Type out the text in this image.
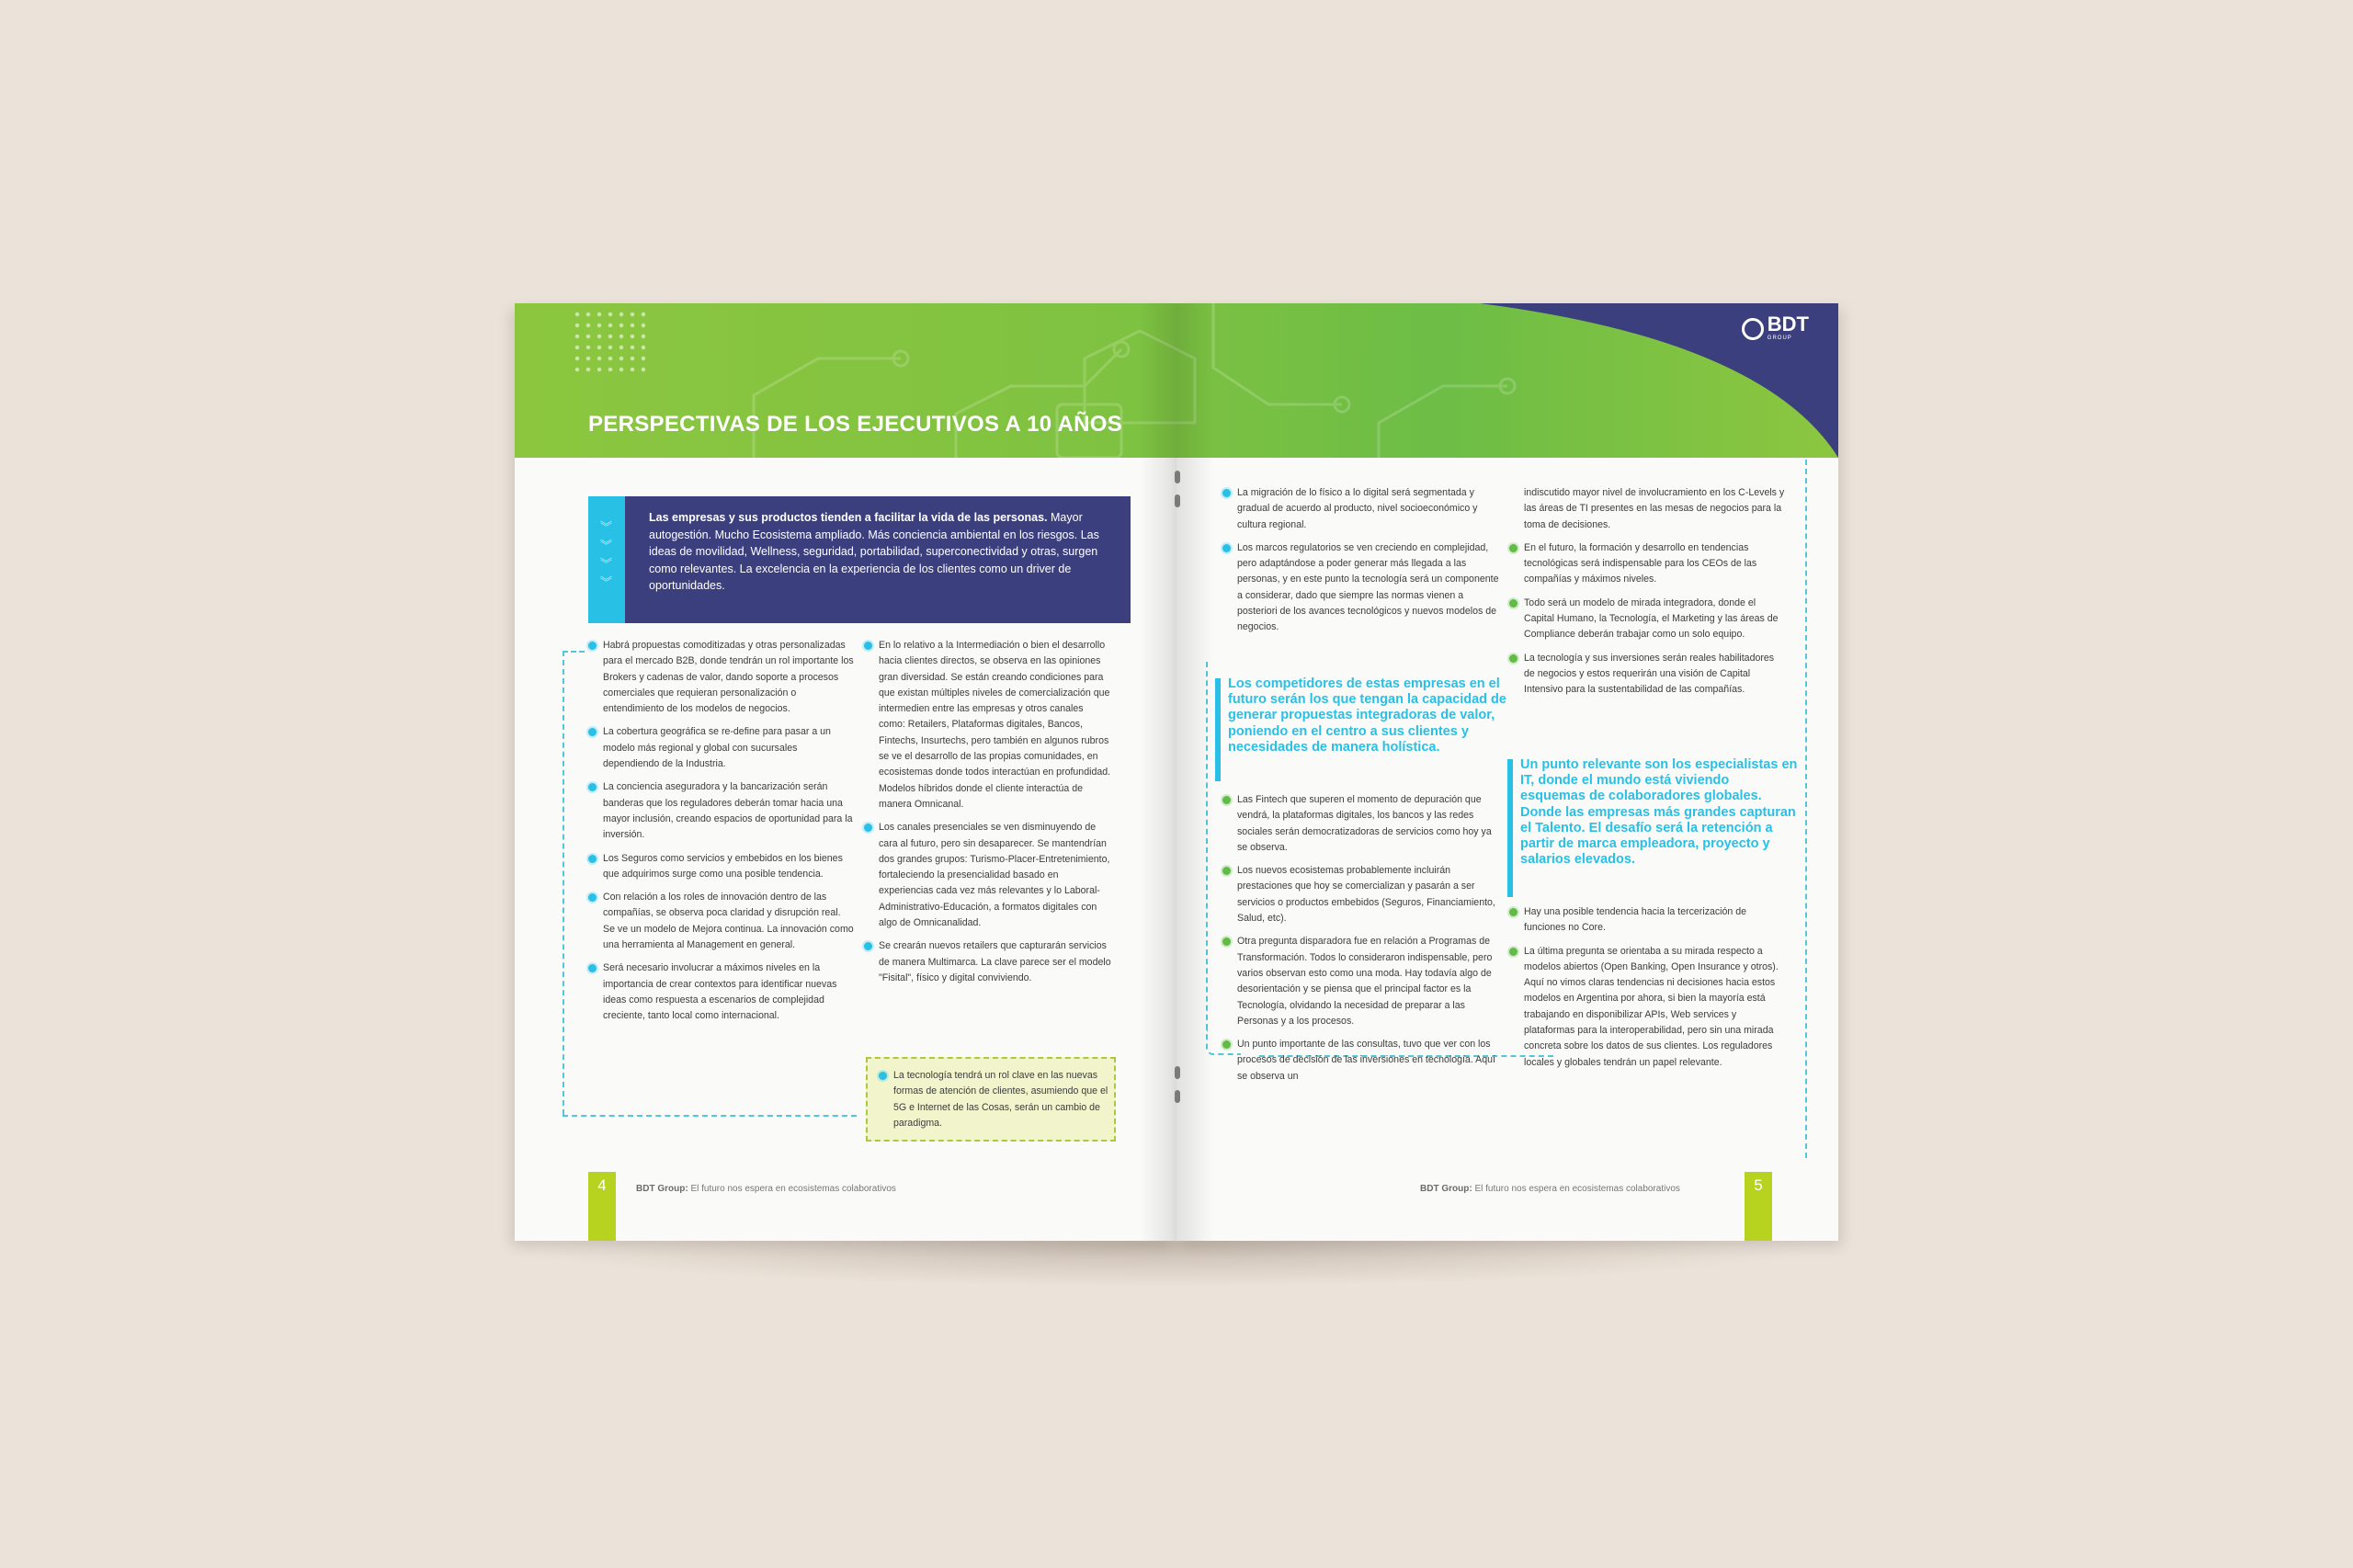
PERSPECTIVAS DE LOS EJECUTIVOS A 10 AÑOS
BDT
GROUP
︾
︾
︾
︾
Las empresas y sus productos tienden a facilitar la vida de las personas. Mayor autogestión. Mucho Ecosistema ampliado. Más conciencia ambiental en los riesgos. Las ideas de movilidad, Wellness, seguridad, portabilidad, superconectividad y otras, surgen como relevantes. La excelencia en la experiencia de los clientes como un driver de oportunidades.
Habrá propuestas comoditizadas y otras personalizadas para el mercado B2B, donde tendrán un rol importante los Brokers y cadenas de valor, dando soporte a procesos comerciales que requieran personalización o entendimiento de los modelos de negocios.
La cobertura geográfica se re-define para pasar a un modelo más regional y global con sucursales dependiendo de la Industria.
La conciencia aseguradora y la bancarización serán banderas que los reguladores deberán tomar hacia una mayor inclusión, creando espacios de oportunidad para la inversión.
Los Seguros como servicios y embebidos en los bienes que adquirimos surge como una posible tendencia.
Con relación a los roles de innovación dentro de las compañías, se observa poca claridad y disrupción real. Se ve un modelo de Mejora continua. La innovación como una herramienta al Management en general.
Será necesario involucrar a máximos niveles en la importancia de crear contextos para identificar nuevas ideas como respuesta a escenarios de complejidad creciente, tanto local como internacional.
En lo relativo a la Intermediación o bien el desarrollo hacia clientes directos, se observa en las opiniones gran diversidad. Se están creando condiciones para que existan múltiples niveles de comercialización que intermedien entre las empresas y otros canales como: Retailers, Plataformas digitales, Bancos, Fintechs, Insurtechs, pero también en algunos rubros se ve el desarrollo de las propias comunidades, en ecosistemas donde todos interactúan en profundidad. Modelos híbridos donde el cliente interactúa de manera Omnicanal.
Los canales presenciales se ven disminuyendo de cara al futuro, pero sin desaparecer. Se mantendrían dos grandes grupos: Turismo-Placer-Entretenimiento, fortaleciendo la presencialidad basado en experiencias cada vez más relevantes y lo Laboral-Administrativo-Educación, a formatos digitales con algo de Omnicanalidad.
Se crearán nuevos retailers que capturarán servicios de manera Multimarca. La clave parece ser el modelo "Fisital", físico y digital conviviendo.
La tecnología tendrá un rol clave en las nuevas formas de atención de clientes, asumiendo que el 5G e Internet de las Cosas, serán un cambio de paradigma.
4	BDT Group: El futuro nos espera en ecosistemas colaborativos
La migración de lo físico a lo digital será segmentada y gradual de acuerdo al producto, nivel socioeconómico y cultura regional.
Los marcos regulatorios se ven creciendo en complejidad, pero adaptándose a poder generar más llegada a las personas, y en este punto la tecnología será un componente a considerar, dado que siempre las normas vienen a posteriori de los avances tecnológicos y nuevos modelos de negocios.
Los competidores de estas empresas en el futuro serán los que tengan la capacidad de generar propuestas integradoras de valor, poniendo en el centro a sus clientes y necesidades de manera holística.
Las Fintech que superen el momento de depuración que vendrá, la plataformas digitales, los bancos y las redes sociales serán democratizadoras de servicios como hoy ya se observa.
Los nuevos ecosistemas probablemente incluirán prestaciones que hoy se comercializan y pasarán a ser servicios o productos embebidos (Seguros, Financiamiento, Salud, etc).
Otra pregunta disparadora fue en relación a Programas de Transformación. Todos lo consideraron indispensable, pero varios observan esto como una moda. Hay todavía algo de desorientación y se piensa que el principal factor es la Tecnología, olvidando la necesidad de preparar a las Personas y a los procesos.
Un punto importante de las consultas, tuvo que ver con los procesos de decisión de las inversiones en tecnología. Aquí se observa un
indiscutido mayor nivel de involucramiento en los C-Levels y las áreas de TI presentes en las mesas de negocios para la toma de decisiones.
En el futuro, la formación y desarrollo en tendencias tecnológicas será indispensable para los CEOs de las compañías y máximos niveles.
Todo será un modelo de mirada integradora, donde el Capital Humano, la Tecnología, el Marketing y las áreas de Compliance deberán trabajar como un solo equipo.
La tecnología y sus inversiones serán reales habilitadores de negocios y estos requerirán una visión de Capital Intensivo para la sustentabilidad de las compañías.
Un punto relevante son los especialistas en IT, donde el mundo está viviendo esquemas de colaboradores globales. Donde las empresas más grandes capturan el Talento. El desafío será la retención a partir de marca empleadora, proyecto y salarios elevados.
Hay una posible tendencia hacia la tercerización de funciones no Core.
La última pregunta se orientaba a su mirada respecto a modelos abiertos (Open Banking, Open Insurance y otros).
Aquí no vimos claras tendencias ni decisiones hacia estos modelos en Argentina por ahora, si bien la mayoría está trabajando en disponibilizar APIs, Web services y plataformas para la interoperabilidad, pero sin una mirada concreta sobre los datos de sus clientes. Los reguladores locales y globales tendrán un papel relevante.
BDT Group: El futuro nos espera en ecosistemas colaborativos	5
